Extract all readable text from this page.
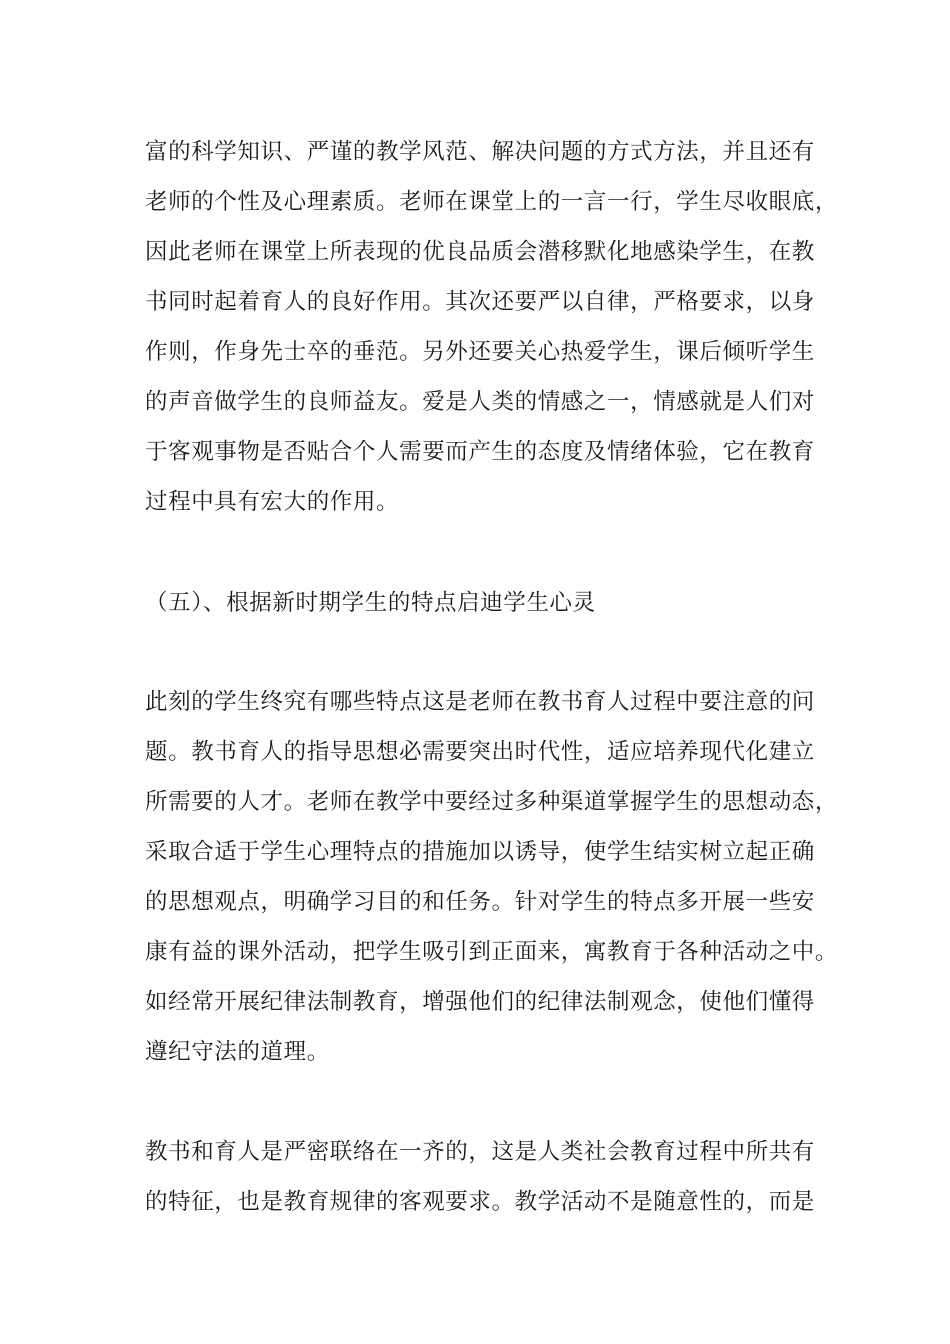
富的科学知识、严谨的教学风范、解决问题的方式方法，并且还有
老师的个性及心理素质。老师在课堂上的一言一行，学生尽收眼底，
因此老师在课堂上所表现的优良品质会潜移默化地感染学生，在教
书同时起着育人的良好作用。其次还要严以自律，严格要求，以身
作则，作身先士卒的垂范。另外还要关心热爱学生，课后倾听学生
的声音做学生的良师益友。爱是人类的情感之一，情感就是人们对
于客观事物是否贴合个人需要而产生的态度及情绪体验，它在教育
过程中具有宏大的作用。
（五）、根据新时期学生的特点启迪学生心灵
此刻的学生终究有哪些特点这是老师在教书育人过程中要注意的问
题。教书育人的指导思想必需要突出时代性，适应培养现代化建立
所需要的人才。老师在教学中要经过多种渠道掌握学生的思想动态，
采取合适于学生心理特点的措施加以诱导，使学生结实树立起正确
的思想观点，明确学习目的和任务。针对学生的特点多开展一些安
康有益的课外活动，把学生吸引到正面来，寓教育于各种活动之中。
如经常开展纪律法制教育，增强他们的纪律法制观念，使他们懂得
遵纪守法的道理。
教书和育人是严密联络在一齐的，这是人类社会教育过程中所共有
的特征，也是教育规律的客观要求。教学活动不是随意性的，而是
